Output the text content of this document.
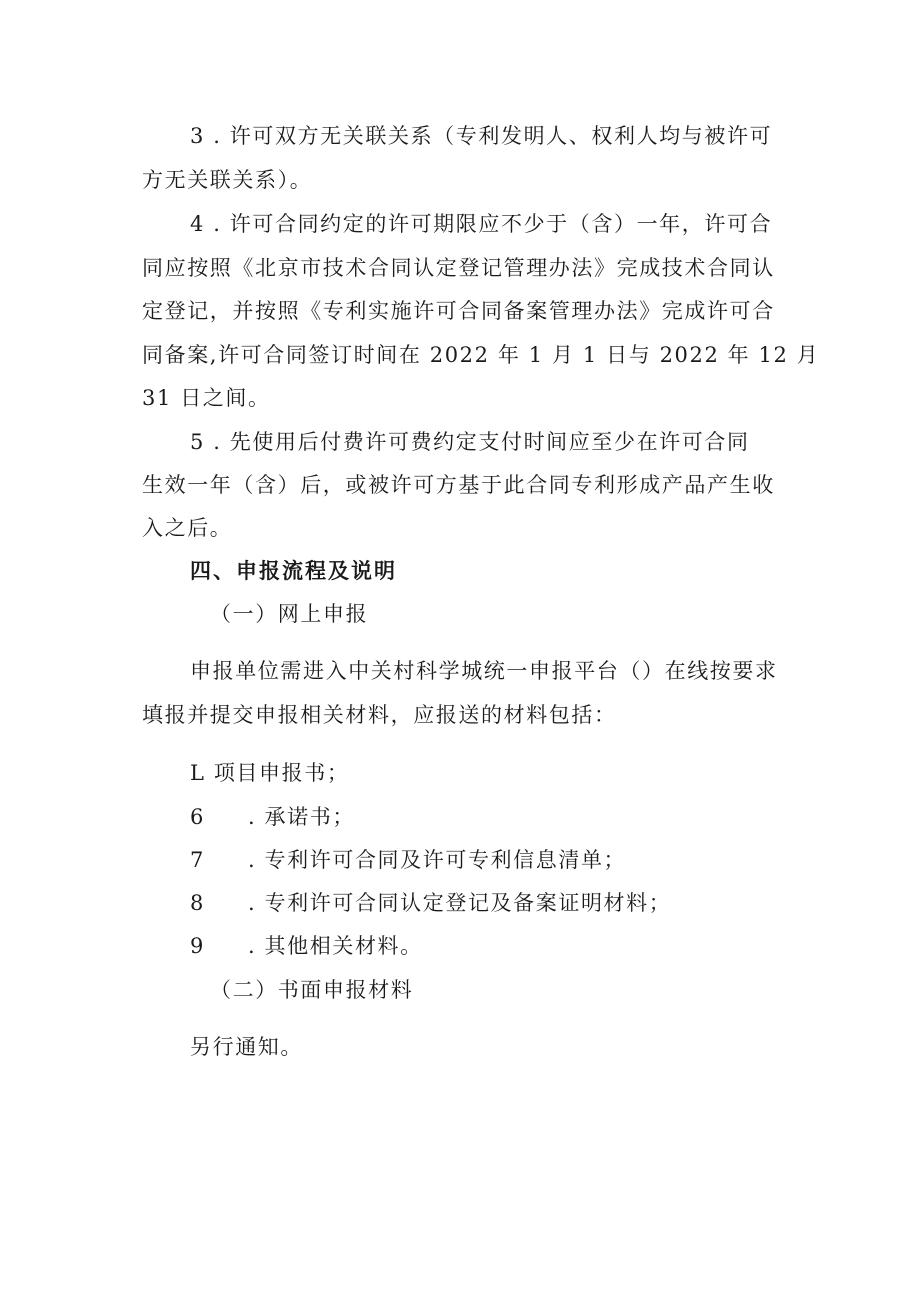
3 . 许可双方无关联关系（专利发明人、权利人均与被许可
方无关联关系）。
4 . 许可合同约定的许可期限应不少于（含）一年，许可合
同应按照《北京市技术合同认定登记管理办法》完成技术合同认
定登记，并按照《专利实施许可合同备案管理办法》完成许可合
同备案,许可合同签订时间在 2022 年 1 月 1 日与 2022 年 12 月
31 日之间。
5 . 先使用后付费许可费约定支付时间应至少在许可合同
生效一年（含）后，或被许可方基于此合同专利形成产品产生收
入之后。
四、申报流程及说明
（一）网上申报
申报单位需进入中关村科学城统一申报平台（）在线按要求
填报并提交申报相关材料，应报送的材料包括：
L 项目申报书；
6 . 承诺书；
7 . 专利许可合同及许可专利信息清单；
8 . 专利许可合同认定登记及备案证明材料；
9 . 其他相关材料。
（二）书面申报材料
另行通知。
